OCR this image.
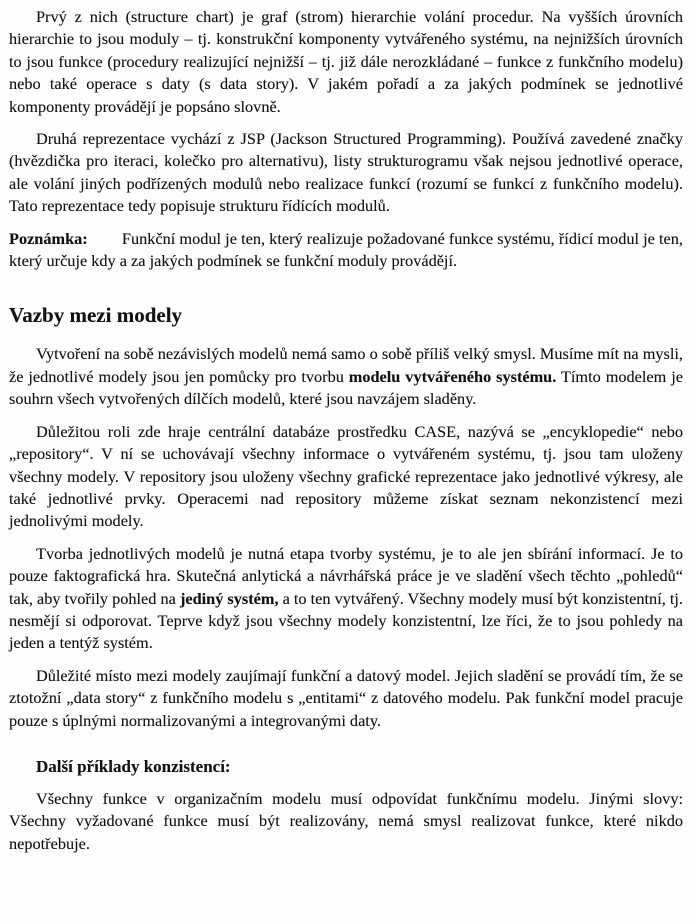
Prvý z nich (structure chart) je graf (strom) hierarchie volání procedur. Na vyšších úrovních hierarchie to jsou moduly – tj. konstrukční komponenty vytvářeného systému, na nejnižších úrovních to jsou funkce (procedury realizující nejnižší – tj. již dále nerozkládané – funkce z funkčního modelu) nebo také operace s daty (s data story). V jakém pořadí a za jakých podmínek se jednotlivé komponenty provádějí je popsáno slovně.

Druhá reprezentace vychází z JSP (Jackson Structured Programming). Používá zavedené značky (hvězdička pro iteraci, kolečko pro alternativu), listy strukturogramu však nejsou jednotlivé operace, ale volání jiných podřízených modulů nebo realizace funkcí (rozumí se funkcí z funkčního modelu). Tato reprezentace tedy popisuje strukturu řídících modulů.

Poznámka: Funkční modul je ten, který realizuje požadované funkce systému, řídicí modul je ten, který určuje kdy a za jakých podmínek se funkční moduly provádějí.

Vazby mezi modely

Vytvoření na sobě nezávislých modelů nemá samo o sobě příliš velký smysl. Musíme mít na mysli, že jednotlivé modely jsou jen pomůcky pro tvorbu modelu vytvářeného systému. Tímto modelem je souhrn všech vytvořených dílčích modelů, které jsou navzájem sladěny.

Důležitou roli zde hraje centrální databáze prostředku CASE, nazývá se „encyklopedie“ nebo „repository“. V ní se uchovávají všechny informace o vytvářeném systému, tj. jsou tam uloženy všechny modely. V repository jsou uloženy všechny grafické reprezentace jako jednotlivé výkresy, ale také jednotlivé prvky. Operacemi nad repository můžeme získat seznam nekonzistencí mezi jednolivými modely.

Tvorba jednotlivých modelů je nutná etapa tvorby systému, je to ale jen sbírání informací. Je to pouze faktografická hra. Skutečná anlytická a návrhářská práce je ve sladění všech těchto „pohledů“ tak, aby tvořily pohled na jediný systém, a to ten vytvářený. Všechny modely musí být konzistentní, tj. nesmějí si odporovat. Teprve když jsou všechny modely konzistentní, lze říci, že to jsou pohledy na jeden a tentýž systém.

Důležité místo mezi modely zaujímají funkční a datový model. Jejich sladění se provádí tím, že se ztotožní „data story“ z funkčního modelu s „entitami“ z datového modelu. Pak funkční model pracuje pouze s úplnými normalizovanými a integrovanými daty.

Další příklady konzistencí:

Všechny funkce v organizačním modelu musí odpovídat funkčnímu modelu. Jinými slovy: Všechny vyžadované funkce musí být realizovány, nemá smysl realizovat funkce, které nikdo nepotřebuje.
